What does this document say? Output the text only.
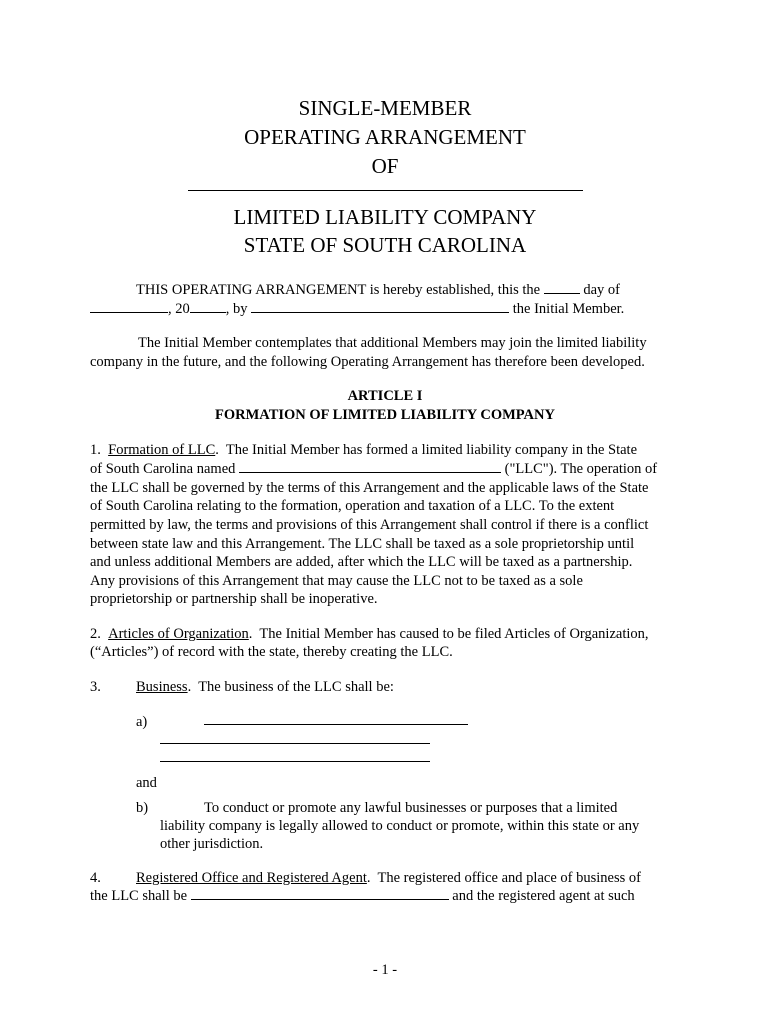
SINGLE-MEMBER
OPERATING ARRANGEMENT
OF
LIMITED LIABILITY COMPANY
STATE OF SOUTH CAROLINA
THIS OPERATING ARRANGEMENT is hereby established, this the	day of
, 20 , by	the Initial Member.
The Initial Member contemplates that additional Members may join the limited liability
company in the future, and the following Operating Arrangement has therefore been developed.
ARTICLE I
FORMATION OF LIMITED LIABILITY COMPANY
1. Formation of LLC.  The Initial Member has formed a limited liability company in the State
of South Carolina named	("LLC"). The operation of
the LLC shall be governed by the terms of this Arrangement and the applicable laws of the State
of South Carolina relating to the formation, operation and taxation of a LLC. To the extent
permitted by law, the terms and provisions of this Arrangement shall control if there is a conflict
between state law and this Arrangement. The LLC shall be taxed as a sole proprietorship until
and unless additional Members are added, after which the LLC will be taxed as a partnership.
Any provisions of this Arrangement that may cause the LLC not to be taxed as a sole
proprietorship or partnership shall be inoperative.
2. Articles of Organization.  The Initial Member has caused to be filed Articles of Organization,
(“Articles”) of record with the state, thereby creating the LLC.
3. Business.  The business of the LLC shall be:
a)
and
b)	To conduct or promote any lawful businesses or purposes that a limited
liability company is legally allowed to conduct or promote, within this state or any
other jurisdiction.
4. Registered Office and Registered Agent.  The registered office and place of business of
the LLC shall be	and the registered agent at such
- 1 -
